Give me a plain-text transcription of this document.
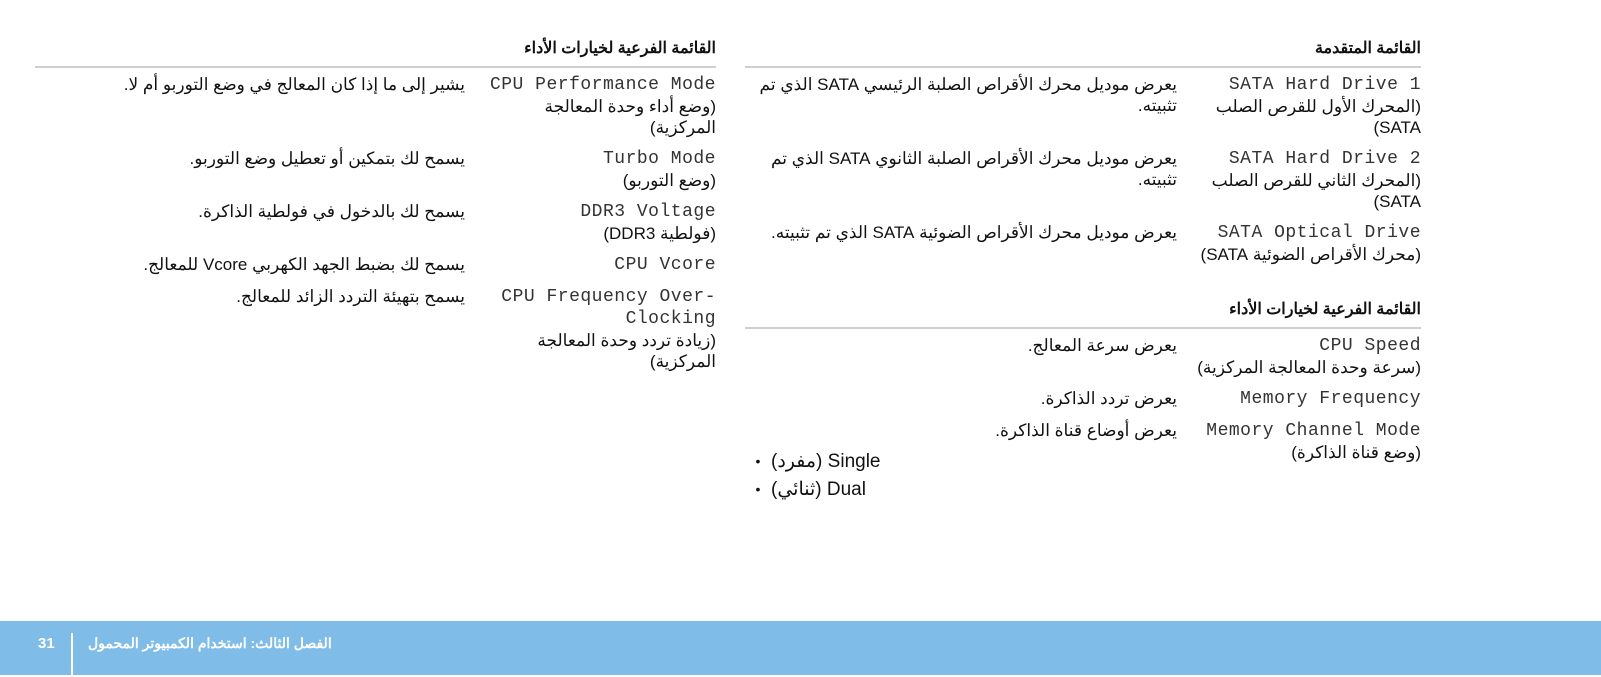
القائمة المتقدمة
SATA Hard Drive 1
(المحرك الأول للقرص الصلب SATA)
يعرض موديل محرك الأقراص الصلبة الرئيسي SATA الذي تم تثبيته.
SATA Hard Drive 2
(المحرك الثاني للقرص الصلب SATA)
يعرض موديل محرك الأقراص الصلبة الثانوي SATA الذي تم تثبيته.
SATA Optical Drive
(محرك الأقراص الضوئية SATA)
يعرض موديل محرك الأقراص الضوئية SATA الذي تم تثبيته.
القائمة الفرعية لخيارات الأداء
CPU Speed
(سرعة وحدة المعالجة المركزية)
يعرض سرعة المعالج.
Memory Frequency
يعرض تردد الذاكرة.
Memory Channel Mode
(وضع قناة الذاكرة)
يعرض أوضاع قناة الذاكرة.
• Single (مفرد)
• Dual (ثنائي)
القائمة الفرعية لخيارات الأداء
CPU Performance Mode
(وضع أداء وحدة المعالجة المركزية)
يشير إلى ما إذا كان المعالج في وضع التوربو أم لا.
Turbo Mode
(وضع التوربو)
يسمح لك بتمكين أو تعطيل وضع التوربو.
DDR3 Voltage
(فولطية DDR3)
يسمح لك بالدخول في فولطية الذاكرة.
CPU Vcore
يسمح لك بضبط الجهد الكهربي Vcore للمعالج.
CPU Frequency Over-Clocking
(زيادة تردد وحدة المعالجة المركزية)
يسمح بتهيئة التردد الزائد للمعالج.
31 الفصل الثالث: استخدام الكمبيوتر المحمول
